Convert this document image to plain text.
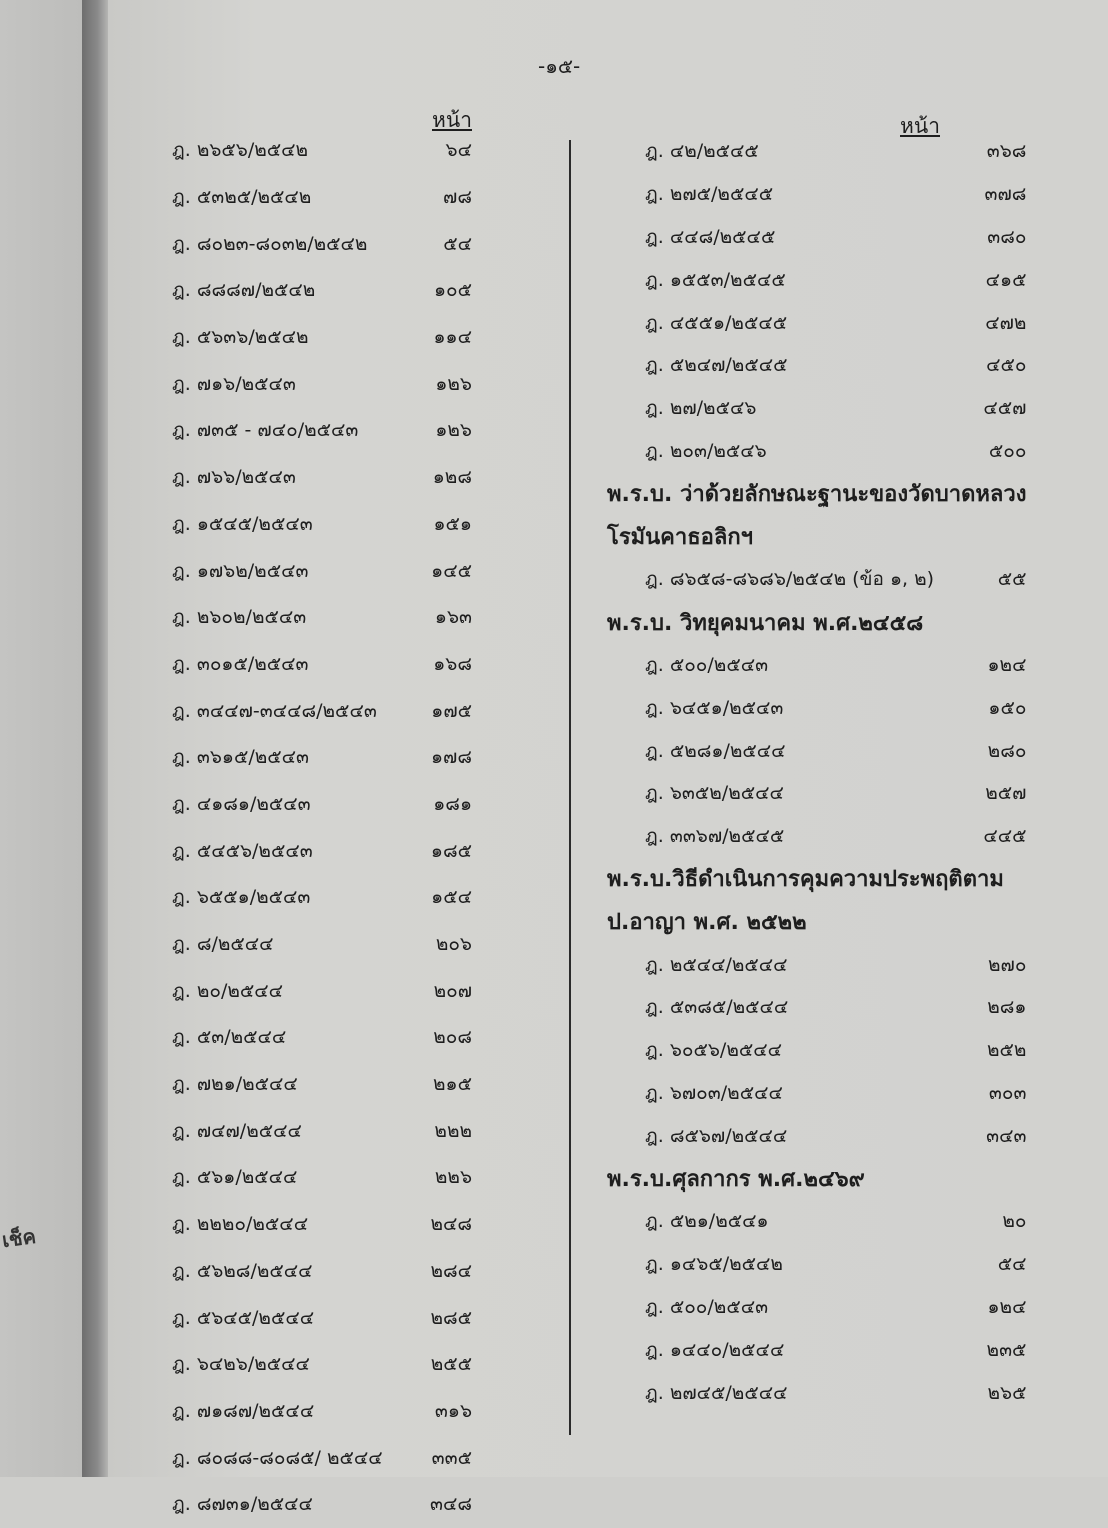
เช็ค
-๑๕-
หน้า	หน้า
ฎ. ๒๖๕๖/๒๕๔๒	๖๔
ฎ. ๕๓๒๕/๒๕๔๒	๗๘
ฎ. ๘๐๒๓-๘๐๓๒/๒๕๔๒	๕๔
ฎ. ๘๘๘๗/๒๕๔๒	๑๐๕
ฎ. ๕๖๓๖/๒๕๔๒	๑๑๔
ฎ. ๗๑๖/๒๕๔๓	๑๒๖
ฎ. ๗๓๕ - ๗๔๐/๒๕๔๓	๑๒๖
ฎ. ๗๖๖/๒๕๔๓	๑๒๘
ฎ. ๑๕๔๕/๒๕๔๓	๑๕๑
ฎ. ๑๗๖๒/๒๕๔๓	๑๔๕
ฎ. ๒๖๐๒/๒๕๔๓	๑๖๓
ฎ. ๓๐๑๕/๒๕๔๓	๑๖๘
ฎ. ๓๔๔๗-๓๔๔๘/๒๕๔๓	๑๗๕
ฎ. ๓๖๑๕/๒๕๔๓	๑๗๘
ฎ. ๔๑๘๑/๒๕๔๓	๑๘๑
ฎ. ๕๔๕๖/๒๕๔๓	๑๘๕
ฎ. ๖๕๕๑/๒๕๔๓	๑๕๔
ฎ. ๘/๒๕๔๔	๒๐๖
ฎ. ๒๐/๒๕๔๔	๒๐๗
ฎ. ๕๓/๒๕๔๔	๒๐๘
ฎ. ๗๒๑/๒๕๔๔	๒๑๕
ฎ. ๗๔๗/๒๕๔๔	๒๒๒
ฎ. ๕๖๑/๒๕๔๔	๒๒๖
ฎ. ๒๒๒๐/๒๕๔๔	๒๔๘
ฎ. ๕๖๒๘/๒๕๔๔	๒๘๔
ฎ. ๕๖๔๕/๒๕๔๔	๒๘๕
ฎ. ๖๔๒๖/๒๕๔๔	๒๕๕
ฎ. ๗๑๘๗/๒๕๔๔	๓๑๖
ฎ. ๘๐๘๘-๘๐๘๕/ ๒๕๔๔	๓๓๕
ฎ. ๘๗๓๑/๒๕๔๔	๓๔๘
ฎ. ๔๒/๒๕๔๕	๓๖๘
ฎ. ๒๗๕/๒๕๔๕	๓๗๘
ฎ. ๔๔๘/๒๕๔๕	๓๘๐
ฎ. ๑๕๕๓/๒๕๔๕	๔๑๕
ฎ. ๔๕๕๑/๒๕๔๕	๔๗๒
ฎ. ๕๒๔๗/๒๕๔๕	๔๕๐
ฎ. ๒๗/๒๕๔๖	๔๕๗
ฎ. ๒๐๓/๒๕๔๖	๕๐๐
พ.ร.บ. ว่าด้วยลักษณะฐานะของวัดบาดหลวง
โรมันคาธอลิกฯ
ฎ. ๘๖๕๘-๘๖๘๖/๒๕๔๒ (ข้อ ๑, ๒)	๕๕
พ.ร.บ. วิทยุคมนาคม พ.ศ.๒๔๕๘
ฎ. ๕๐๐/๒๕๔๓	๑๒๔
ฎ. ๖๔๕๑/๒๕๔๓	๑๕๐
ฎ. ๕๒๘๑/๒๕๔๔	๒๘๐
ฎ. ๖๓๕๒/๒๕๔๔	๒๕๗
ฎ. ๓๓๖๗/๒๕๔๕	๔๔๕
พ.ร.บ.วิธีดำเนินการคุมความประพฤติตาม
ป.อาญา พ.ศ. ๒๕๒๒
ฎ. ๒๕๔๔/๒๕๔๔	๒๗๐
ฎ. ๕๓๘๕/๒๕๔๔	๒๘๑
ฎ. ๖๐๕๖/๒๕๔๔	๒๕๒
ฎ. ๖๗๐๓/๒๕๔๔	๓๐๓
ฎ. ๘๕๖๗/๒๕๔๔	๓๔๓
พ.ร.บ.ศุลกากร พ.ศ.๒๔๖๙
ฎ. ๕๒๑/๒๕๔๑	๒๐
ฎ. ๑๔๖๕/๒๕๔๒	๕๔
ฎ. ๕๐๐/๒๕๔๓	๑๒๔
ฎ. ๑๔๔๐/๒๕๔๔	๒๓๕
ฎ. ๒๗๔๕/๒๕๔๔	๒๖๕
